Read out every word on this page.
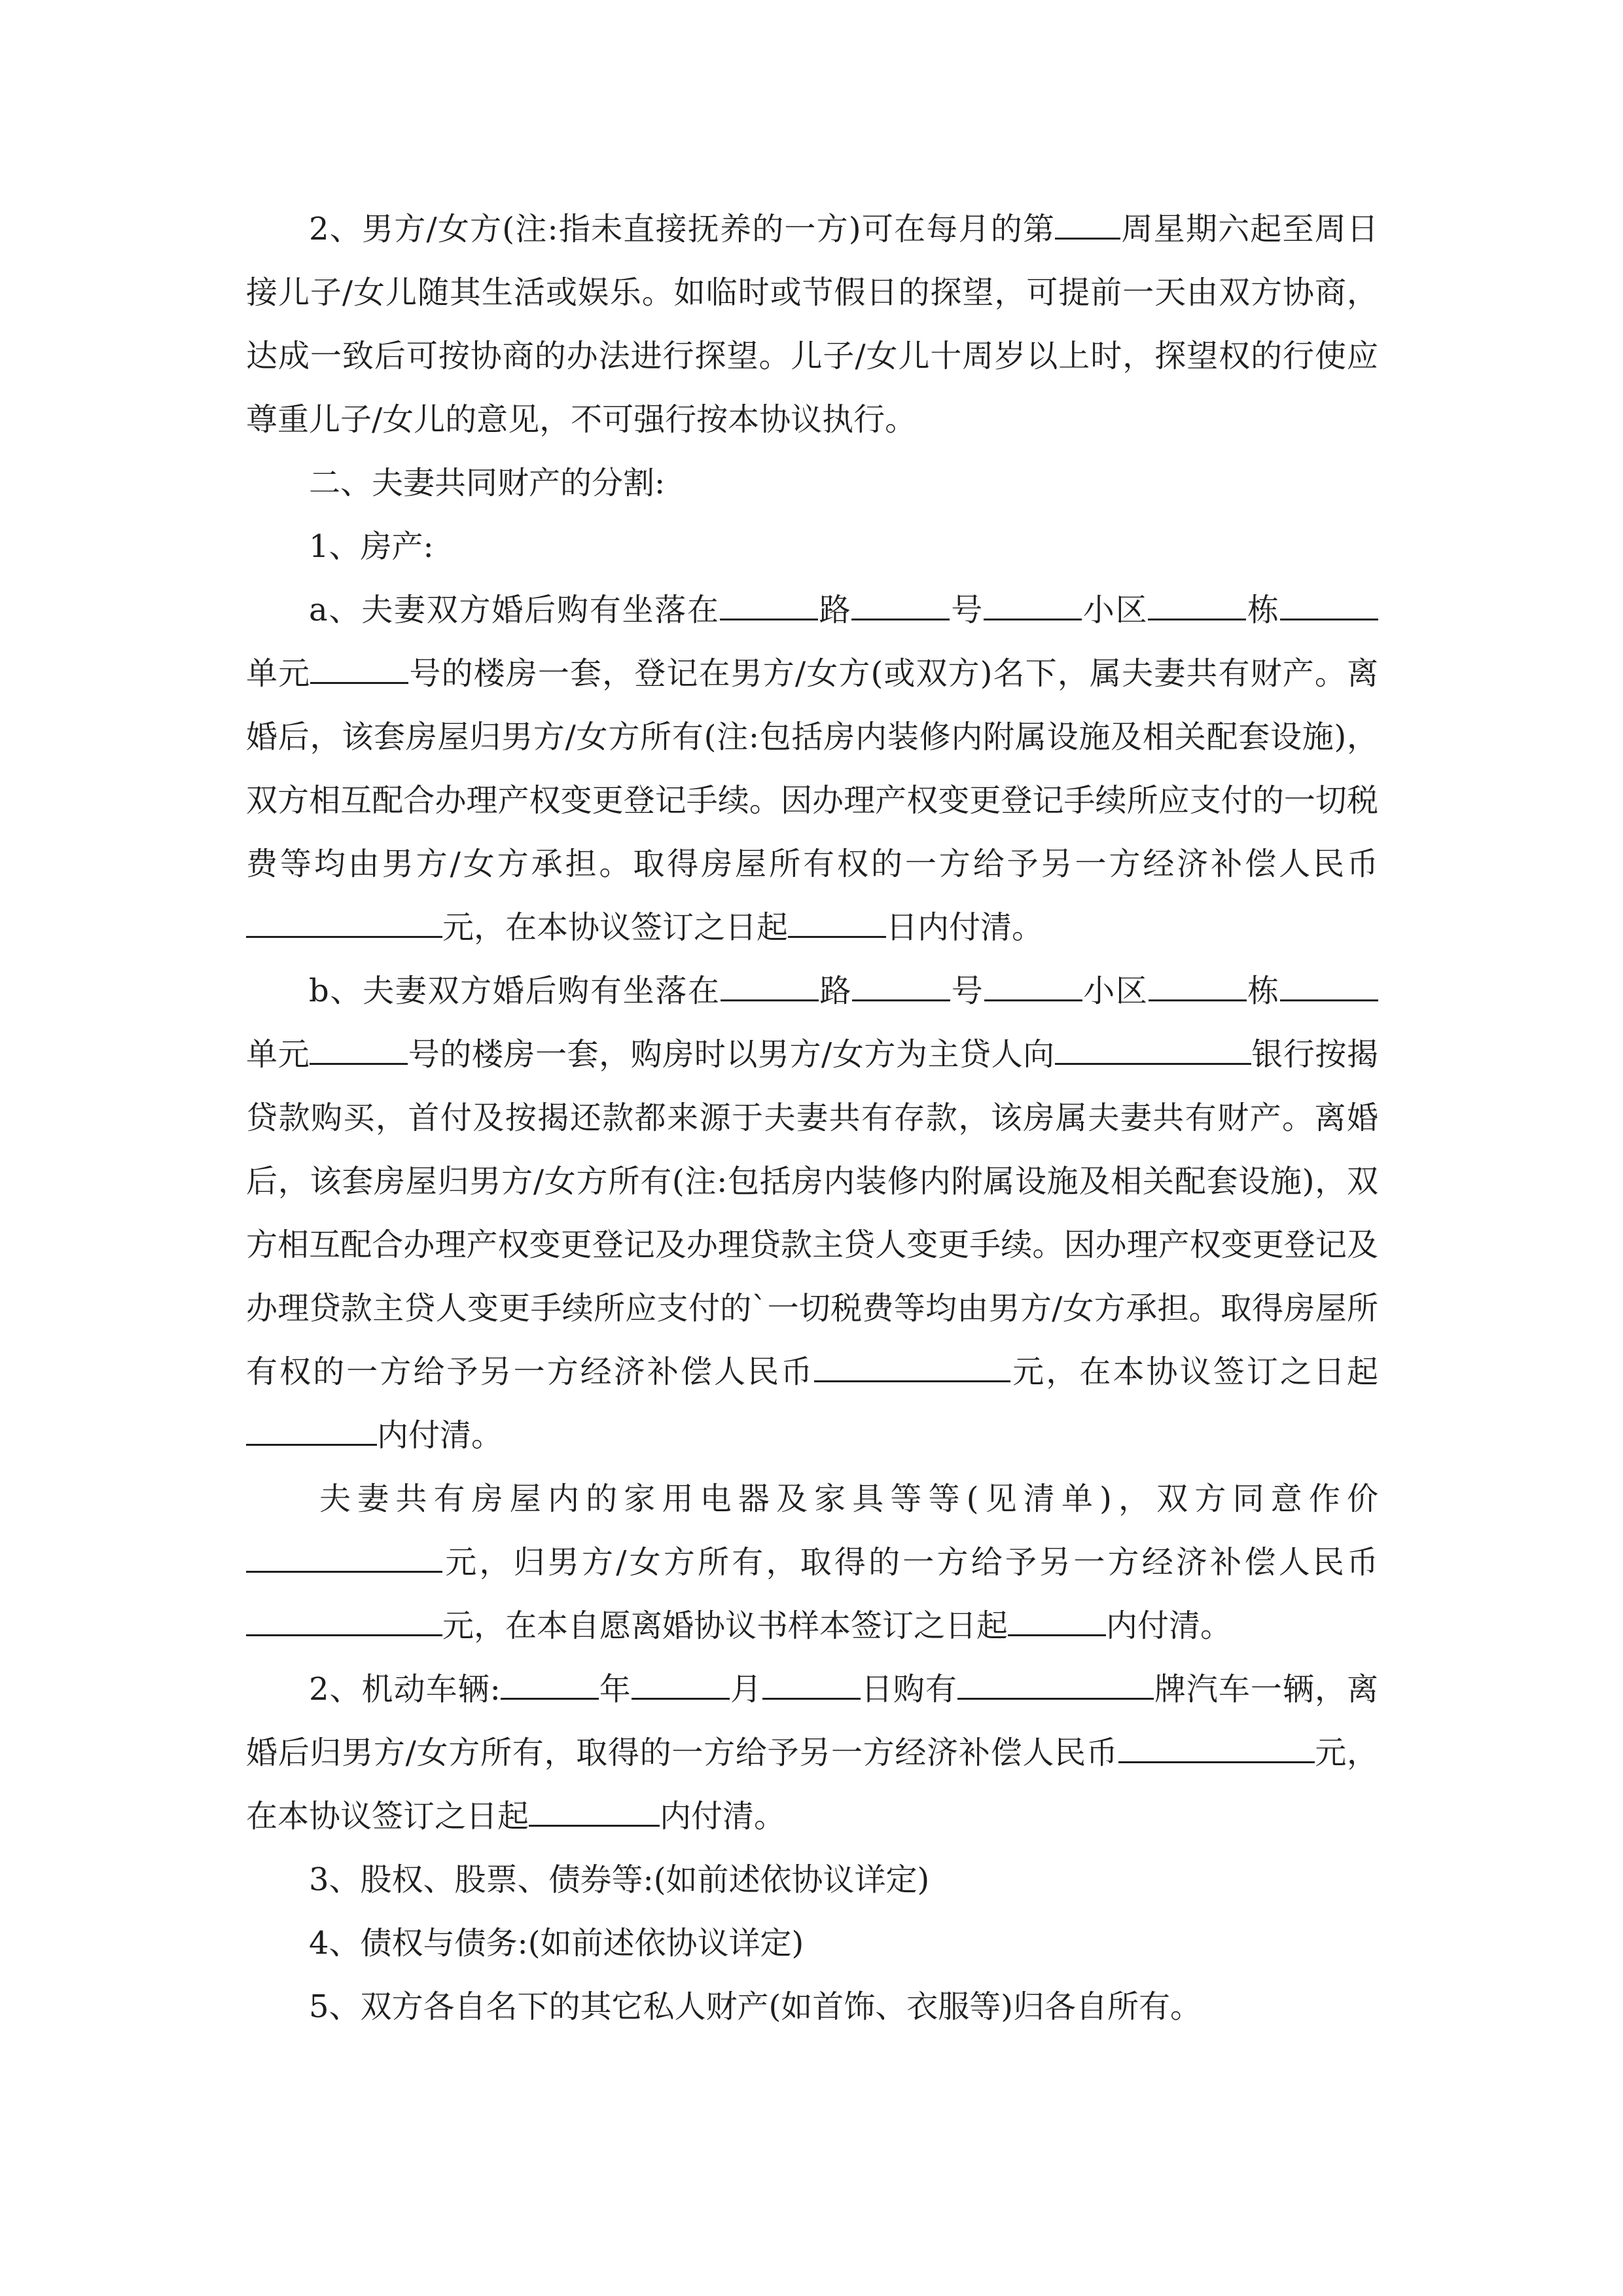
2、男方/女方(注:指未直接抚养的一方)可在每月的第 周星期六起至周日接儿子/女儿随其生活或娱乐。如临时或节假日的探望，可提前一天由双方协商，达成一致后可按协商的办法进行探望。儿子/女儿十周岁以上时，探望权的行使应尊重儿子/女儿的意见，不可强行按本协议执行。

二、夫妻共同财产的分割:

1、房产:

a、夫妻双方婚后购有坐落在	路	号	小区	栋单元	号的楼房一套，登记在男方/女方(或双方)名下，属夫妻共有财产。离婚后，该套房屋归男方/女方所有(注:包括房内装修内附属设施及相关配套设施)，双方相互配合办理产权变更登记手续。因办理产权变更登记手续所应支付的一切税费等均由男方/女方承担。取得房屋所有权的一方给予另一方经济补偿人民币元，在本协议签订之日起	日内付清。

b、夫妻双方婚后购有坐落在	路	号	小区	栋单元	号的楼房一套，购房时以男方/女方为主贷人向	银行按揭贷款购买，首付及按揭还款都来源于夫妻共有存款，该房属夫妻共有财产。离婚后，该套房屋归男方/女方所有(注:包括房内装修内附属设施及相关配套设施)，双方相互配合办理产权变更登记及办理贷款主贷人变更手续。因办理产权变更登记及办理贷款主贷人变更手续所应支付的`一切税费等均由男方/女方承担。取得房屋所有权的一方给予另一方经济补偿人民币	元，在本协议签订之日起内付清。

夫妻共有房屋内的家用电器及家具等等(见清单)，双方同意作价元，归男方/女方所有，取得的一方给予另一方经济补偿人民币元，在本自愿离婚协议书样本签订之日起	内付清。

2、机动车辆:	年	月	日购有	牌汽车一辆，离婚后归男方/女方所有，取得的一方给予另一方经济补偿人民币	元，在本协议签订之日起	内付清。

3、股权、股票、债券等:(如前述依协议详定)

4、债权与债务:(如前述依协议详定)

5、双方各自名下的其它私人财产(如首饰、衣服等)归各自所有。
